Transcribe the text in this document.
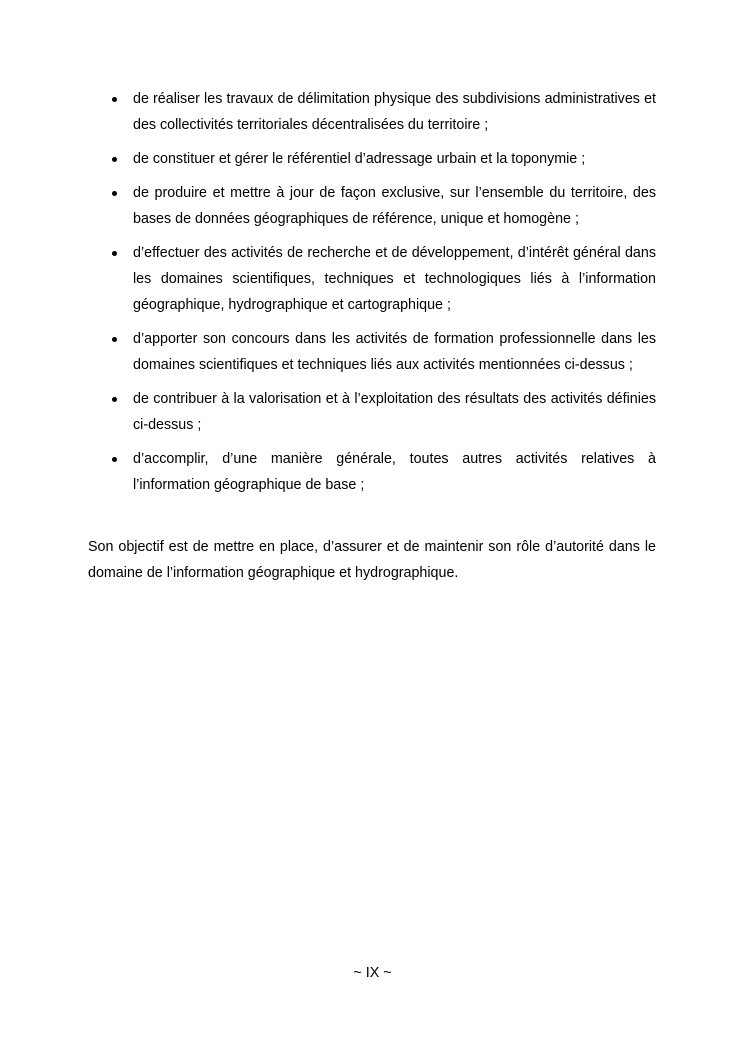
de réaliser les travaux de délimitation physique des subdivisions administratives et des collectivités territoriales décentralisées du territoire ;
de constituer et gérer le référentiel d’adressage urbain et la toponymie ;
de produire et mettre à jour de façon exclusive, sur l’ensemble du territoire, des bases de données géographiques de référence, unique et homogène ;
d’effectuer des activités de recherche et de développement, d’intérêt général dans les domaines scientifiques, techniques et technologiques liés à l’information géographique, hydrographique et cartographique ;
d’apporter son concours dans les activités de formation professionnelle dans les domaines scientifiques et techniques liés aux activités mentionnées ci-dessus ;
de contribuer à la valorisation et à l’exploitation des résultats des activités définies ci-dessus ;
d’accomplir, d’une manière générale, toutes autres activités relatives à l’information géographique de base ;

Son objectif est de mettre en place, d’assurer et de maintenir son rôle d’autorité dans le domaine de l’information géographique et hydrographique.

~ IX ~
